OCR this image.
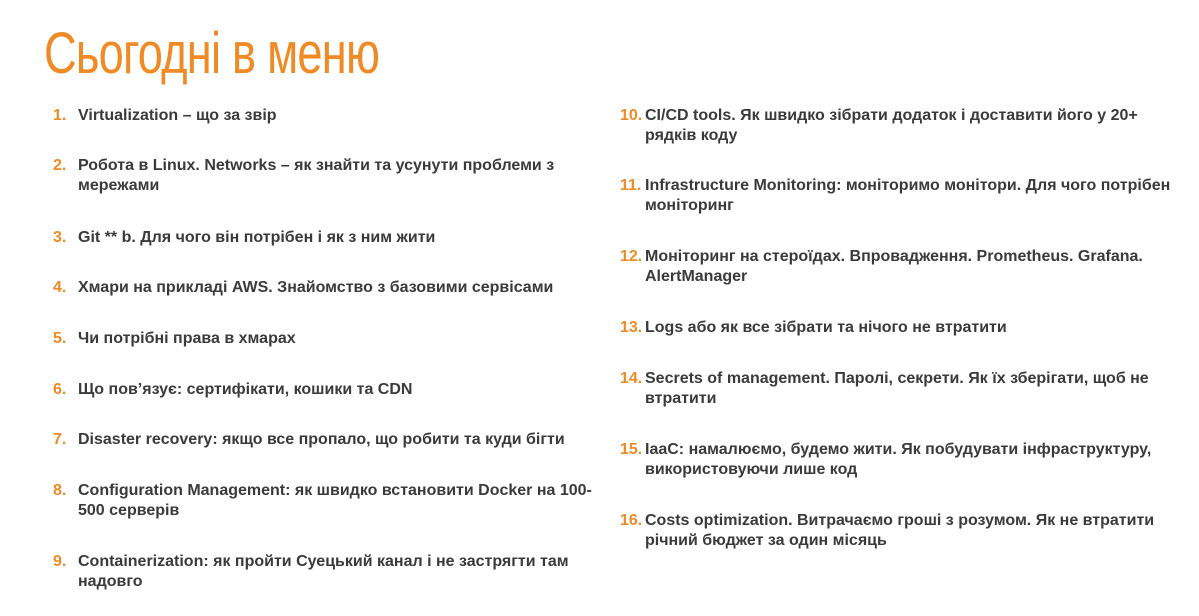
Сьогодні в меню
1. Virtualization – що за звір
2. Робота в Linux. Networks – як знайти та усунути проблеми з мережами
3. Git ** b. Для чого він потрібен і як з ним жити
4. Хмари на прикладі AWS. Знайомство з базовими сервісами
5. Чи потрібні права в хмарах
6. Що пов’язує: сертифікати, кошики та CDN
7. Disaster recovery: якщо все пропало, що робити та куди бігти
8. Configuration Management: як швидко встановити Docker на 100-500 серверів
9. Containerization: як пройти Суецький канал і не застрягти там надовго
10. CI/CD tools. Як швидко зібрати додаток і доставити його у 20+ рядків коду
11. Infrastructure Monitoring: моніторимо монітори. Для чого потрібен моніторинг
12. Моніторинг на стероїдах. Впровадження. Prometheus. Grafana. AlertManager
13. Logs або як все зібрати та нічого не втратити
14. Secrets of management. Паролі, секрети. Як їх зберігати, щоб не втратити
15. IaaC: намалюємо, будемо жити. Як побудувати інфраструктуру, використовуючи лише код
16. Costs optimization. Витрачаємо гроші з розумом. Як не втратити річний бюджет за один місяць
